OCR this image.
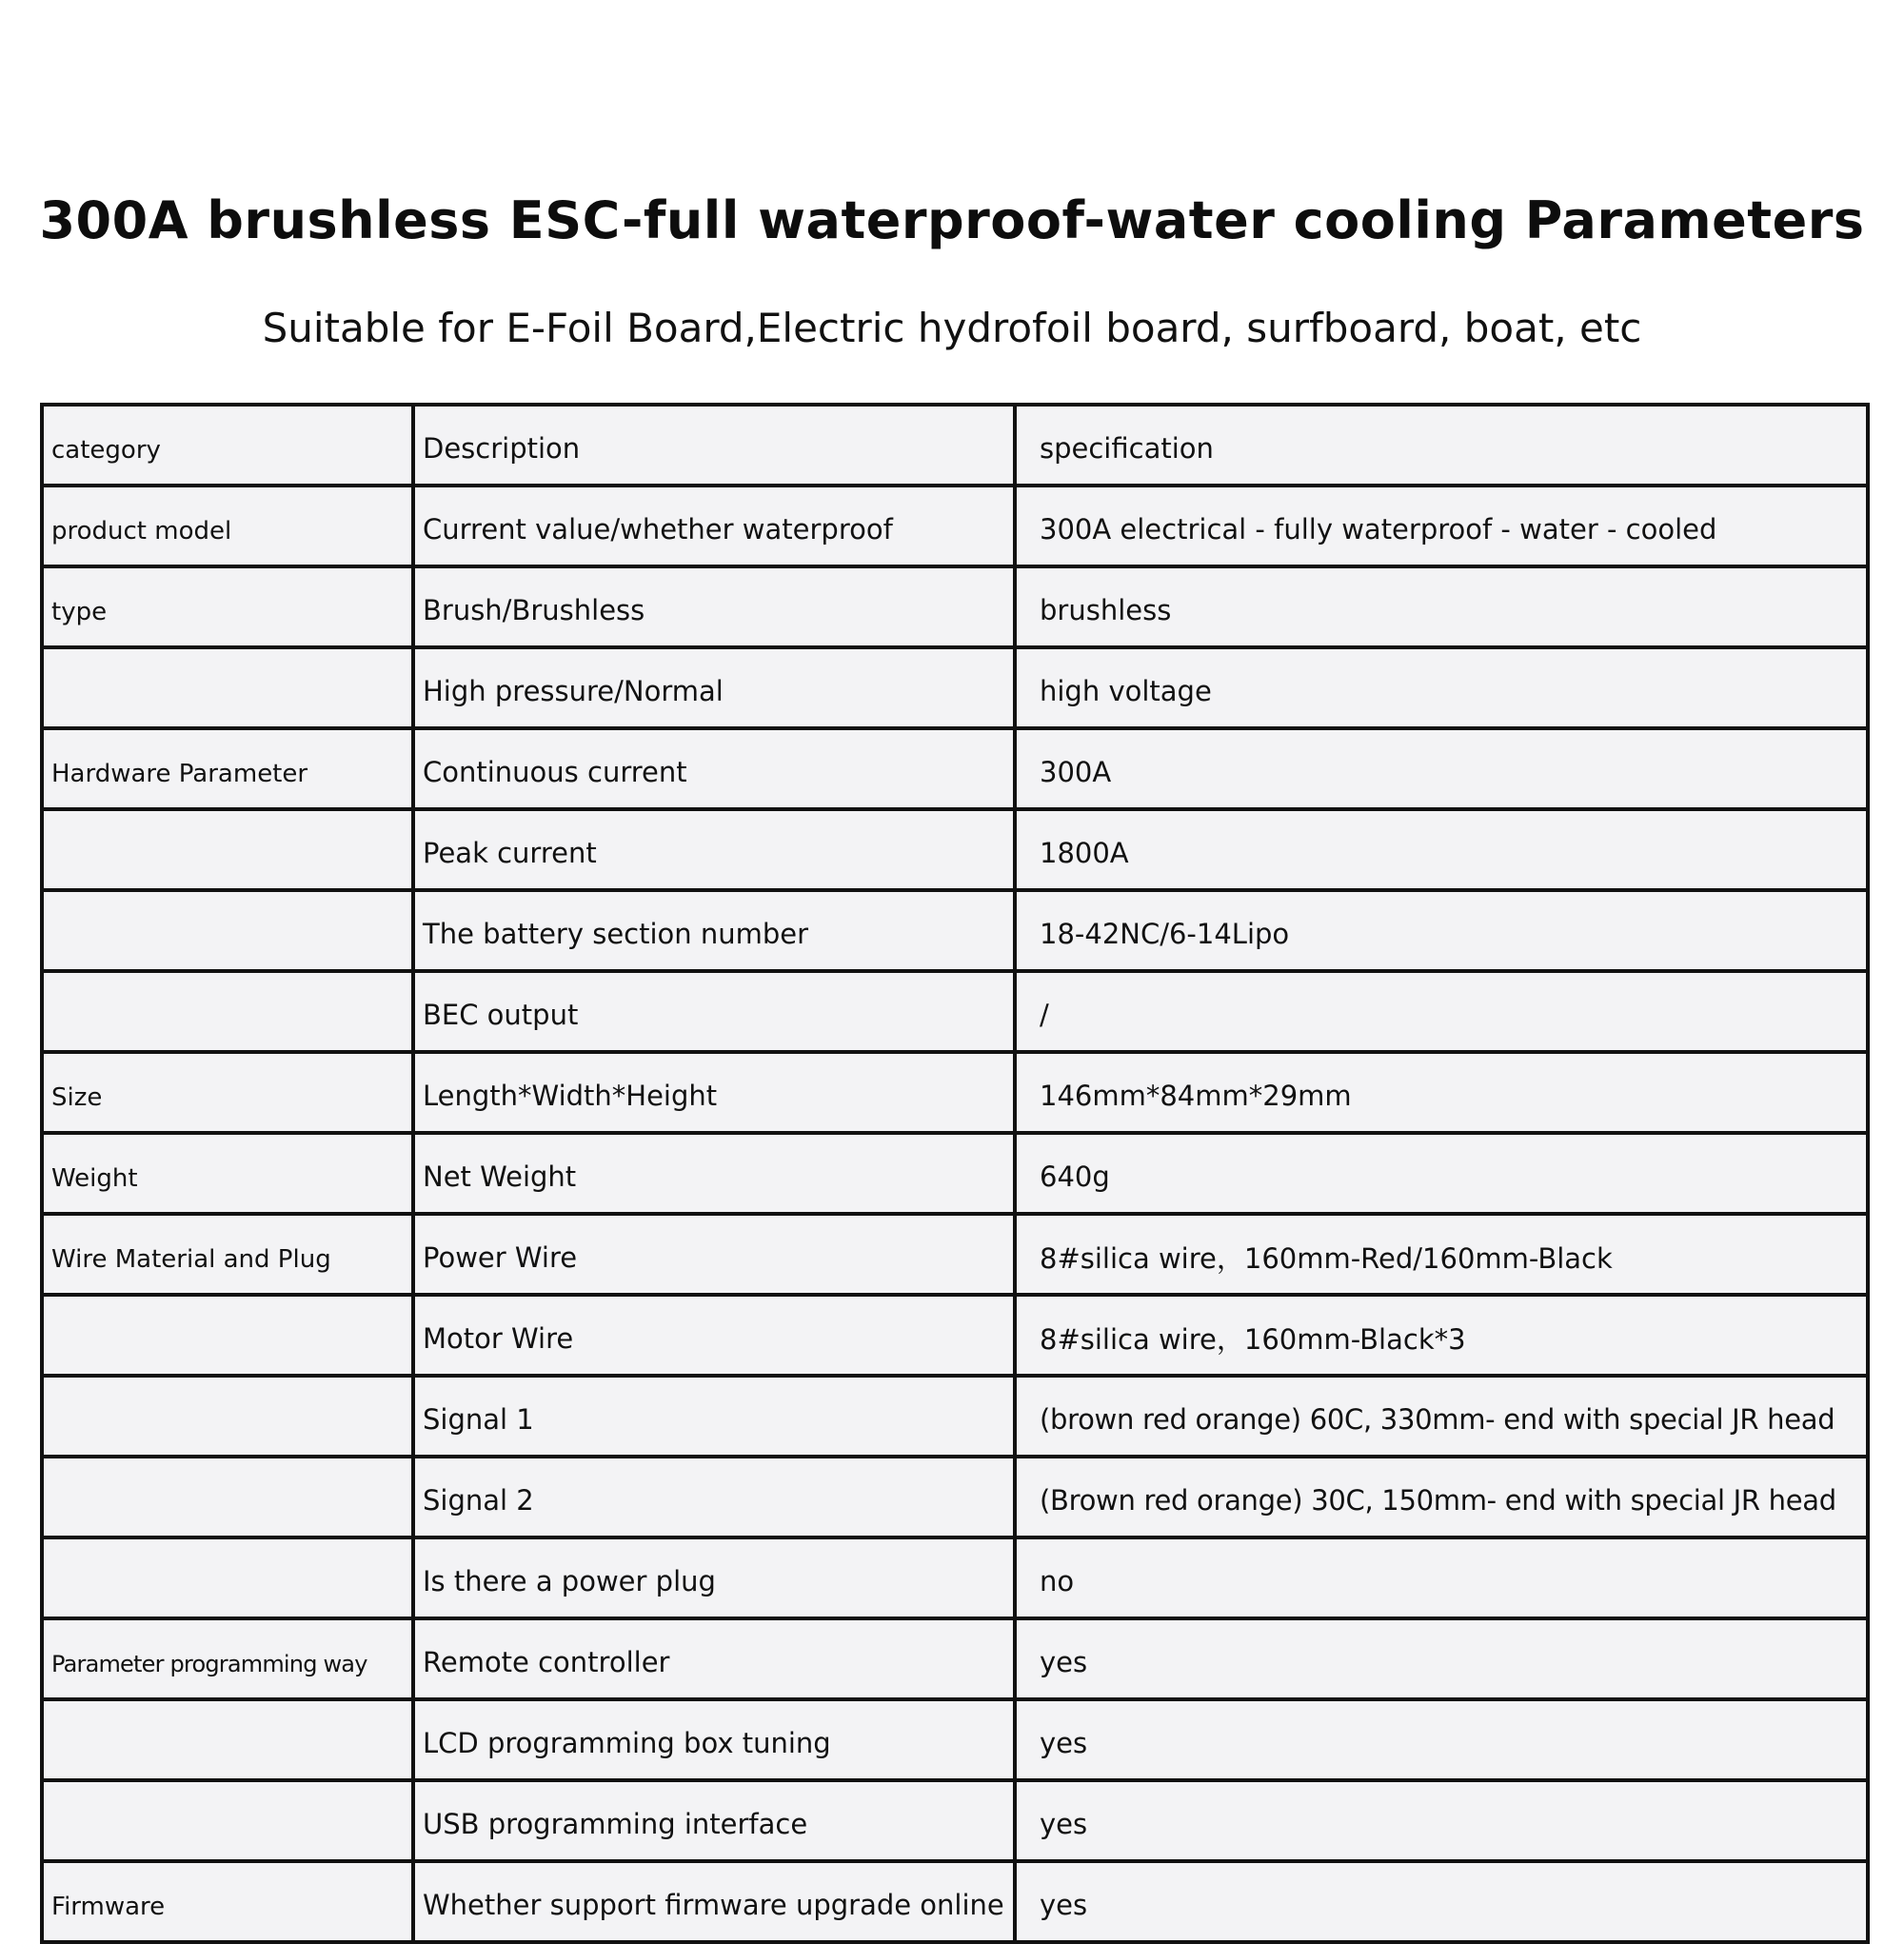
300A brushless ESC-full waterproof-water cooling Parameters
Suitable for E-Foil Board,Electric hydrofoil board, surfboard, boat, etc
category	Description	specification
product model	Current value/whether waterproof	300A electrical - fully waterproof - water - cooled
type	Brush/Brushless	brushless
	High pressure/Normal	high voltage
Hardware Parameter	Continuous current	300A
	Peak current	1800A
	The battery section number	18-42NC/6-14Lipo
	BEC output	/
Size	Length*Width*Height	146mm*84mm*29mm
Weight	Net Weight	640g
Wire Material and Plug	Power Wire	8#silica wire，160mm-Red/160mm-Black
	Motor Wire	8#silica wire，160mm-Black*3
	Signal 1	(brown red orange) 60C, 330mm- end with special JR head
	Signal 2	(Brown red orange) 30C, 150mm- end with special JR head
	Is there a power plug	no
Parameter programming way	Remote controller	yes
	LCD programming box tuning	yes
	USB programming interface	yes
Firmware	Whether support firmware upgrade online	yes
